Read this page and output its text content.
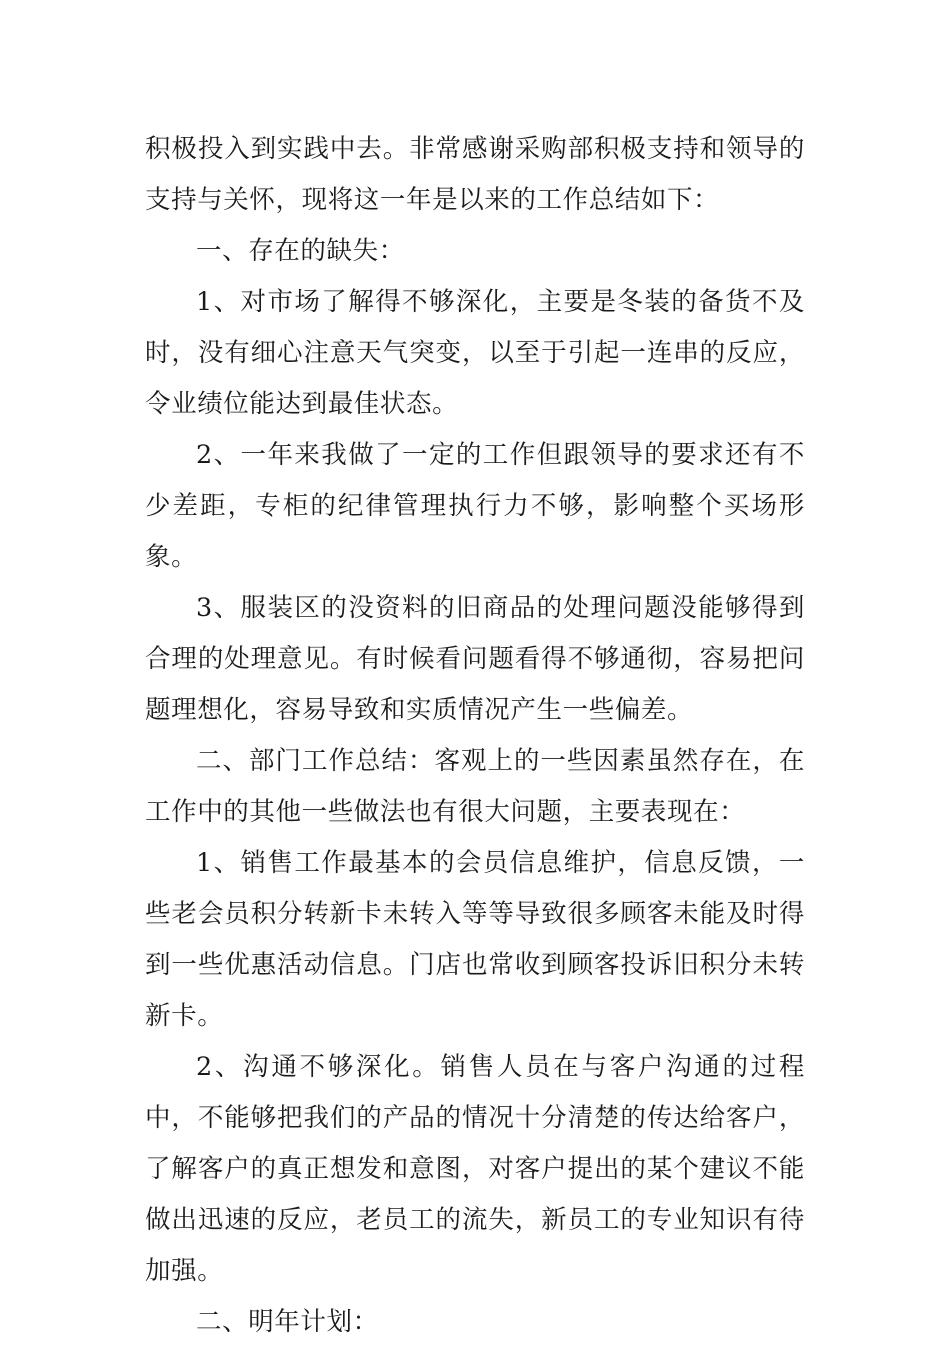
积极投入到实践中去。非常感谢采购部积极支持和领导的支持与关怀，现将这一年是以来的工作总结如下：

一、存在的缺失：

1、对市场了解得不够深化，主要是冬装的备货不及时，没有细心注意天气突变，以至于引起一连串的反应，令业绩位能达到最佳状态。

2、一年来我做了一定的工作但跟领导的要求还有不少差距，专柜的纪律管理执行力不够，影响整个买场形象。

3、服装区的没资料的旧商品的处理问题没能够得到合理的处理意见。有时候看问题看得不够通彻，容易把问题理想化，容易导致和实质情况产生一些偏差。

二、部门工作总结：客观上的一些因素虽然存在，在工作中的其他一些做法也有很大问题，主要表现在：

1、销售工作最基本的会员信息维护，信息反馈，一些老会员积分转新卡未转入等等导致很多顾客未能及时得到一些优惠活动信息。门店也常收到顾客投诉旧积分未转新卡。

2、沟通不够深化。销售人员在与客户沟通的过程中，不能够把我们的产品的情况十分清楚的传达给客户，了解客户的真正想发和意图，对客户提出的某个建议不能做出迅速的反应，老员工的流失，新员工的专业知识有待加强。

二、明年计划：
